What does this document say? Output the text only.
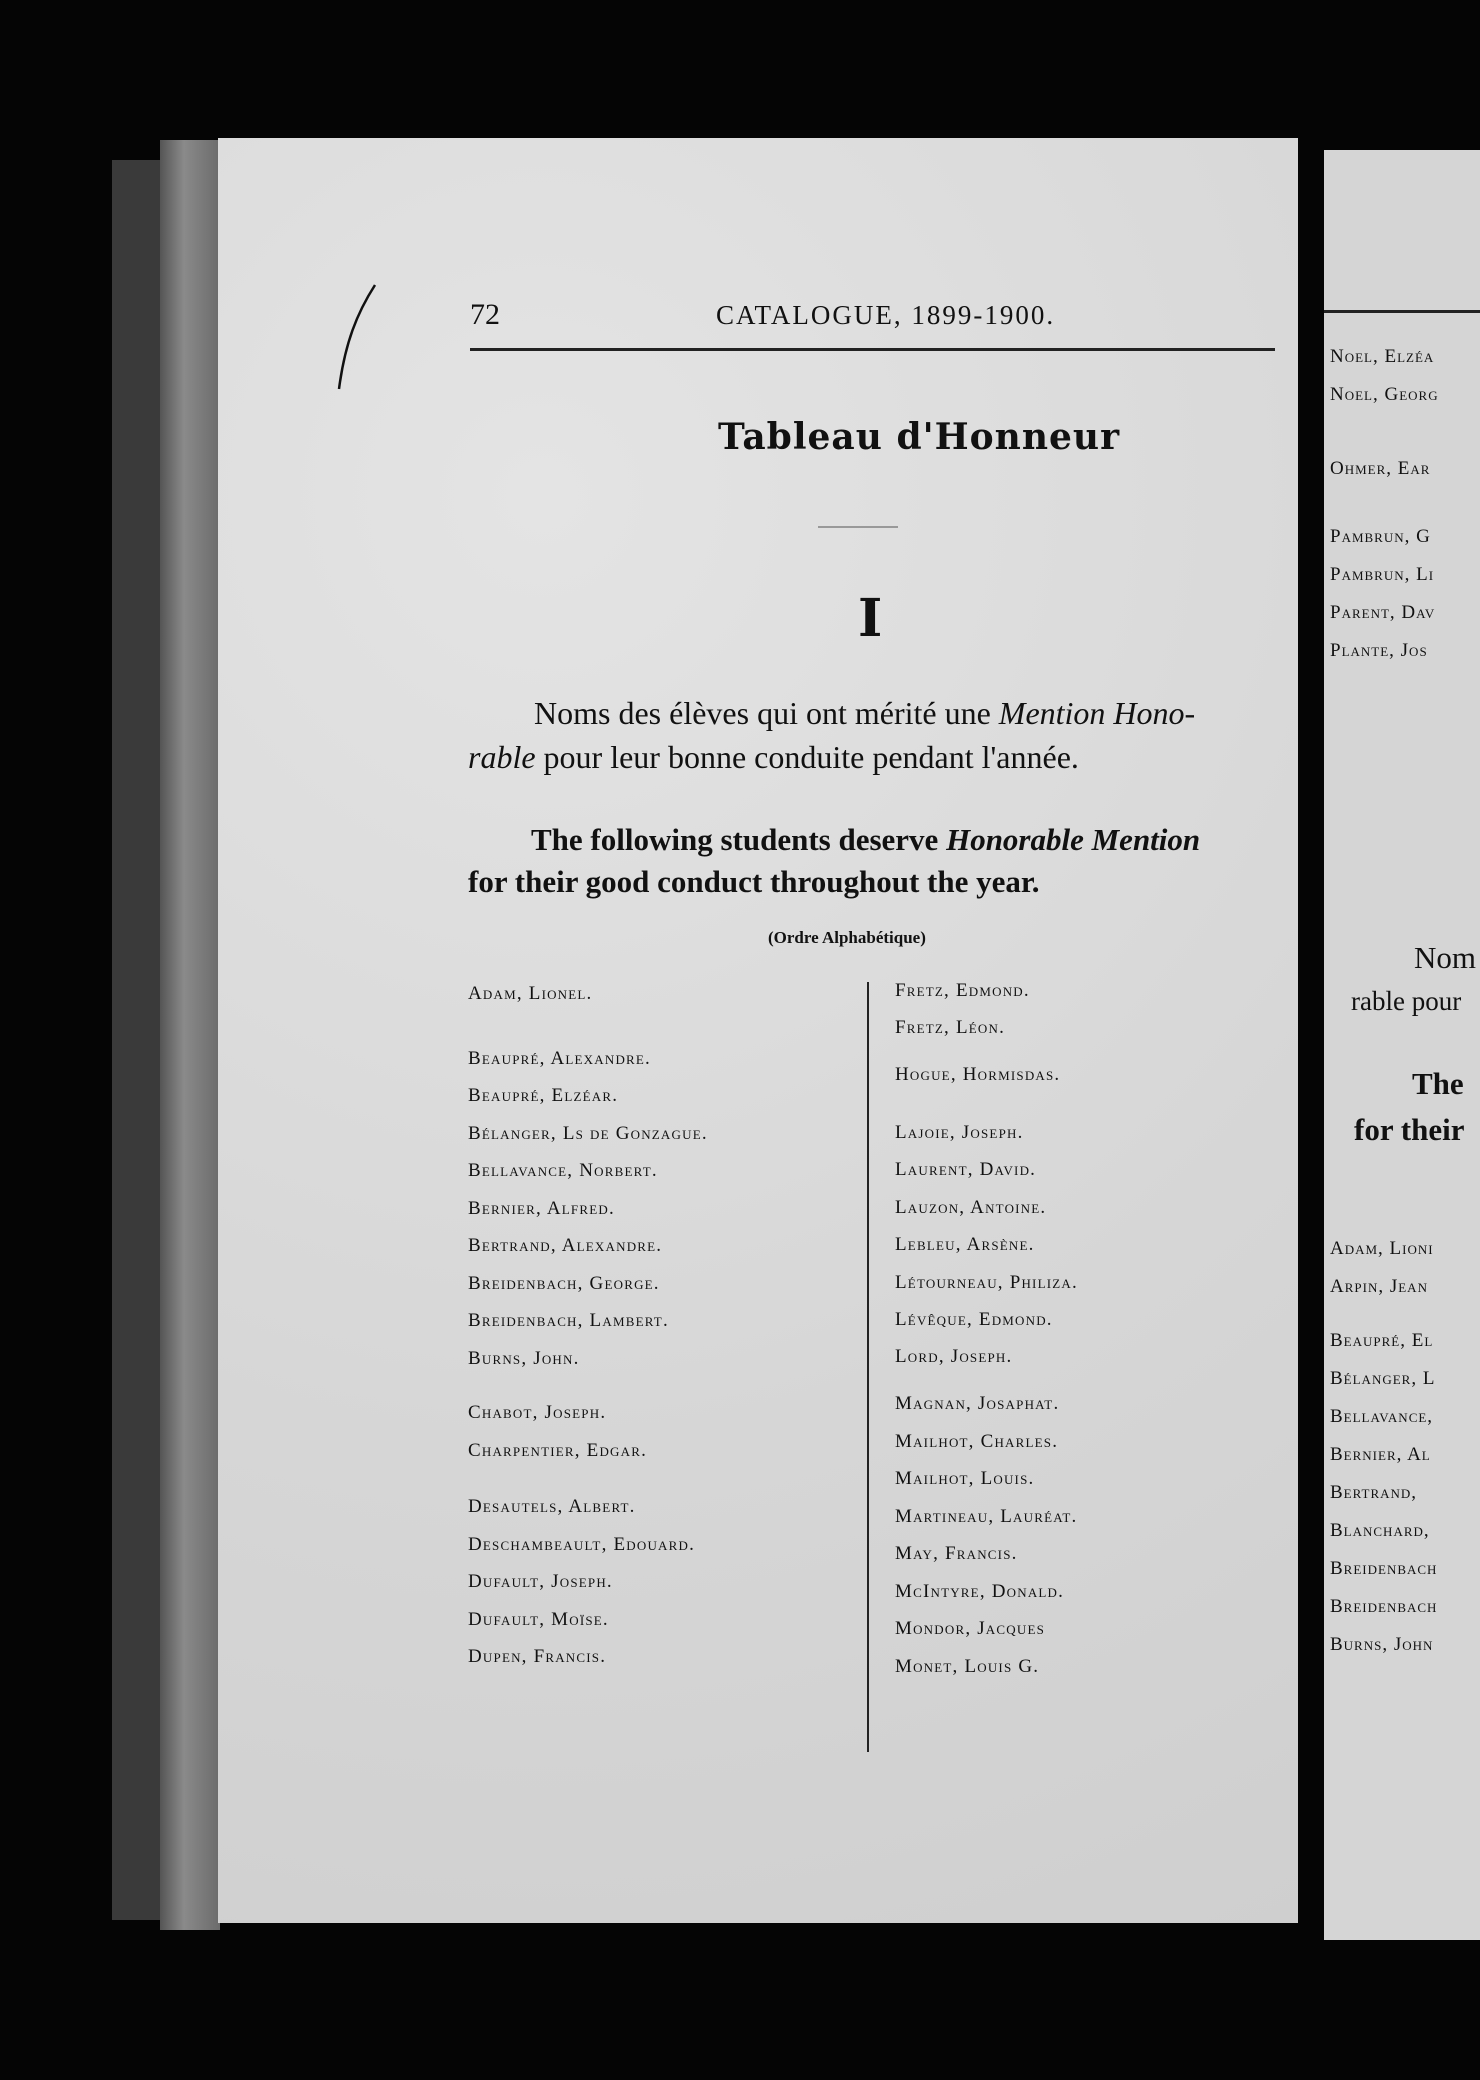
72	CATALOGUE, 1899-1900.
Tableau d'Honneur
I
Noms des élèves qui ont mérité une Mention Hono-
rable pour leur bonne conduite pendant l'année.
The following students deserve Honorable Mention
for their good conduct throughout the year.
(Ordre Alphabétique)
Adam, Lionel.
Beaupré, Alexandre.
Beaupré, Elzéar.
Bélanger, Ls de Gonzague.
Bellavance, Norbert.
Bernier, Alfred.
Bertrand, Alexandre.
Breidenbach, George.
Breidenbach, Lambert.
Burns, John.
Chabot, Joseph.
Charpentier, Edgar.
Desautels, Albert.
Deschambeault, Edouard.
Dufault, Joseph.
Dufault, Moïse.
Dupen, Francis.
Fretz, Edmond.
Fretz, Léon.
Hogue, Hormisdas.
Lajoie, Joseph.
Laurent, David.
Lauzon, Antoine.
Lebleu, Arsène.
Létourneau, Philiza.
Lévêque, Edmond.
Lord, Joseph.
Magnan, Josaphat.
Mailhot, Charles.
Mailhot, Louis.
Martineau, Lauréat.
May, Francis.
McIntyre, Donald.
Mondor, Jacques
Monet, Louis G.
Noel, Elzéa
Noel, Georg
Ohmer, Ear
Pambrun, G
Pambrun, Li
Parent, Dav
Plante, Jos
Nom
rable pour
The
for their
Adam, Lioni
Arpin, Jean
Beaupré, El
Bélanger, L
Bellavance,
Bernier, Al
Bertrand,
Blanchard,
Breidenbach
Breidenbach
Burns, John
